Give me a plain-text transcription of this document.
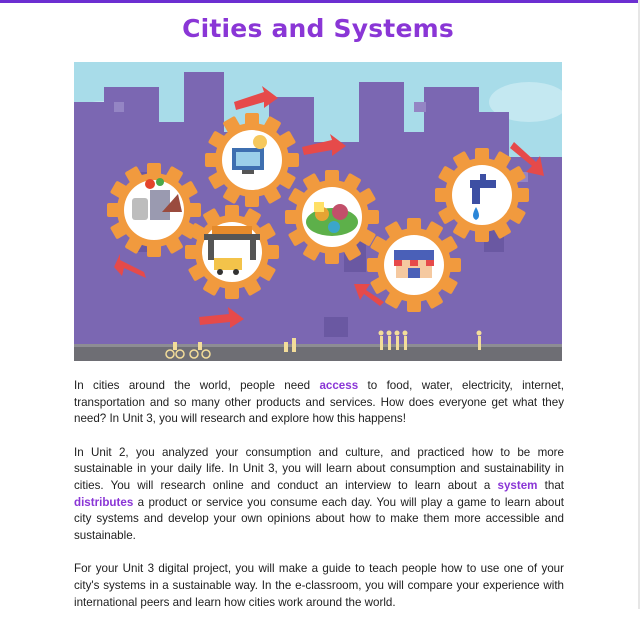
Cities and Systems

In cities around the world, people need access to food, water, electricity, internet, transportation and so many other products and services. How does everyone get what they need? In Unit 3, you will research and explore how this happens!

In Unit 2, you analyzed your consumption and culture, and practiced how to be more sustainable in your daily life. In Unit 3, you will learn about consumption and sustainability in cities. You will research online and conduct an interview to learn about a system that distributes a product or service you consume each day. You will play a game to learn about city systems and develop your own opinions about how to make them more accessible and sustainable.

For your Unit 3 digital project, you will make a guide to teach people how to use one of your city's systems in a sustainable way. In the e-classroom, you will compare your experience with international peers and learn how cities work around the world.
